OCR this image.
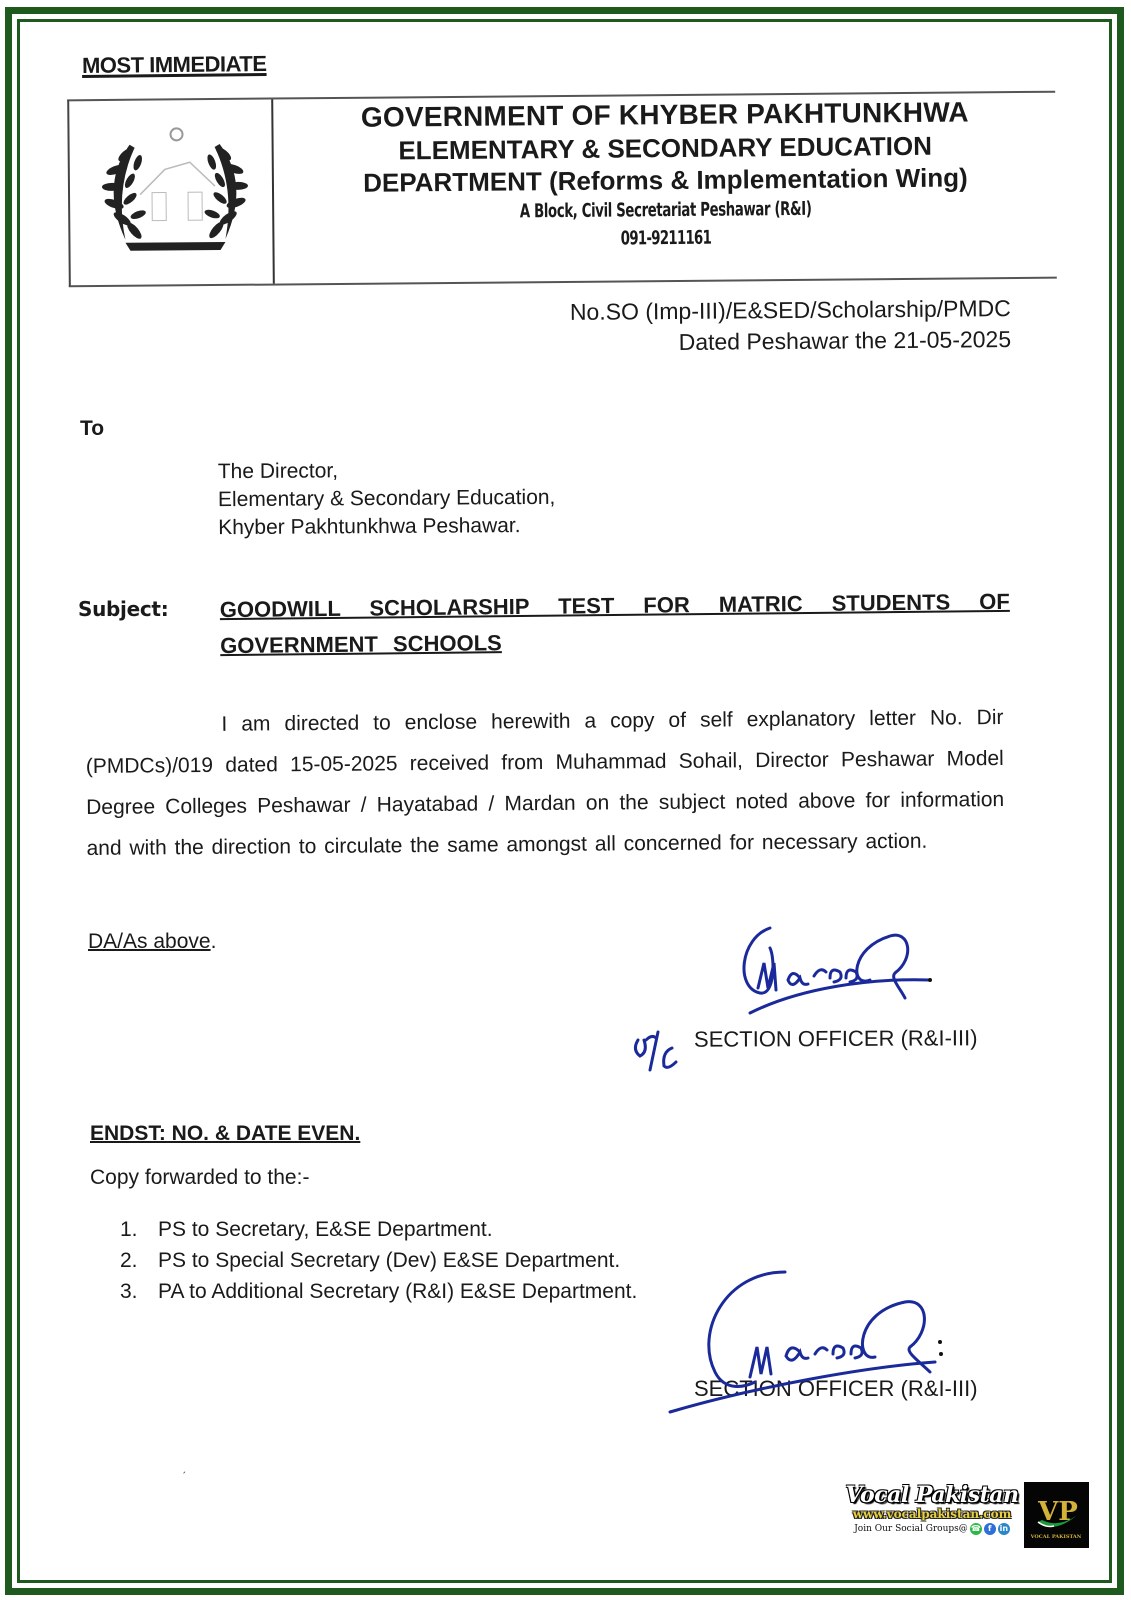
MOST IMMEDIATE
GOVERNMENT OF KHYBER PAKHTUNKHWA
ELEMENTARY & SECONDARY EDUCATION
DEPARTMENT (Reforms & Implementation Wing)
A Block, Civil Secretariat Peshawar (R&I)
091-9211161
No.SO (Imp-III)/E&SED/Scholarship/PMDC
Dated Peshawar the 21-05-2025
To
The Director,
Elementary & Secondary Education,
Khyber Pakhtunkhwa Peshawar.
Subject: GOODWILL SCHOLARSHIP TEST FOR MATRIC STUDENTS OF GOVERNMENT SCHOOLS
I am directed to enclose herewith a copy of self explanatory letter No. Dir (PMDCs)/019 dated 15-05-2025 received from Muhammad Sohail, Director Peshawar Model Degree Colleges Peshawar / Hayatabad / Mardan on the subject noted above for information and with the direction to circulate the same amongst all concerned for necessary action.
DA/As above.
SECTION OFFICER (R&I-III)
ENDST: NO. & DATE EVEN.
Copy forwarded to the:-
1. PS to Secretary, E&SE Department.
2. PS to Special Secretary (Dev) E&SE Department.
3. PA to Additional Secretary (R&I) E&SE Department.
SECTION OFFICER (R&I-III)
ˏ
Vocal Pakistan
www.vocalpakistan.com
Join Our Social Groups@ ☎ f	in
VP
VOCAL PAKISTAN
